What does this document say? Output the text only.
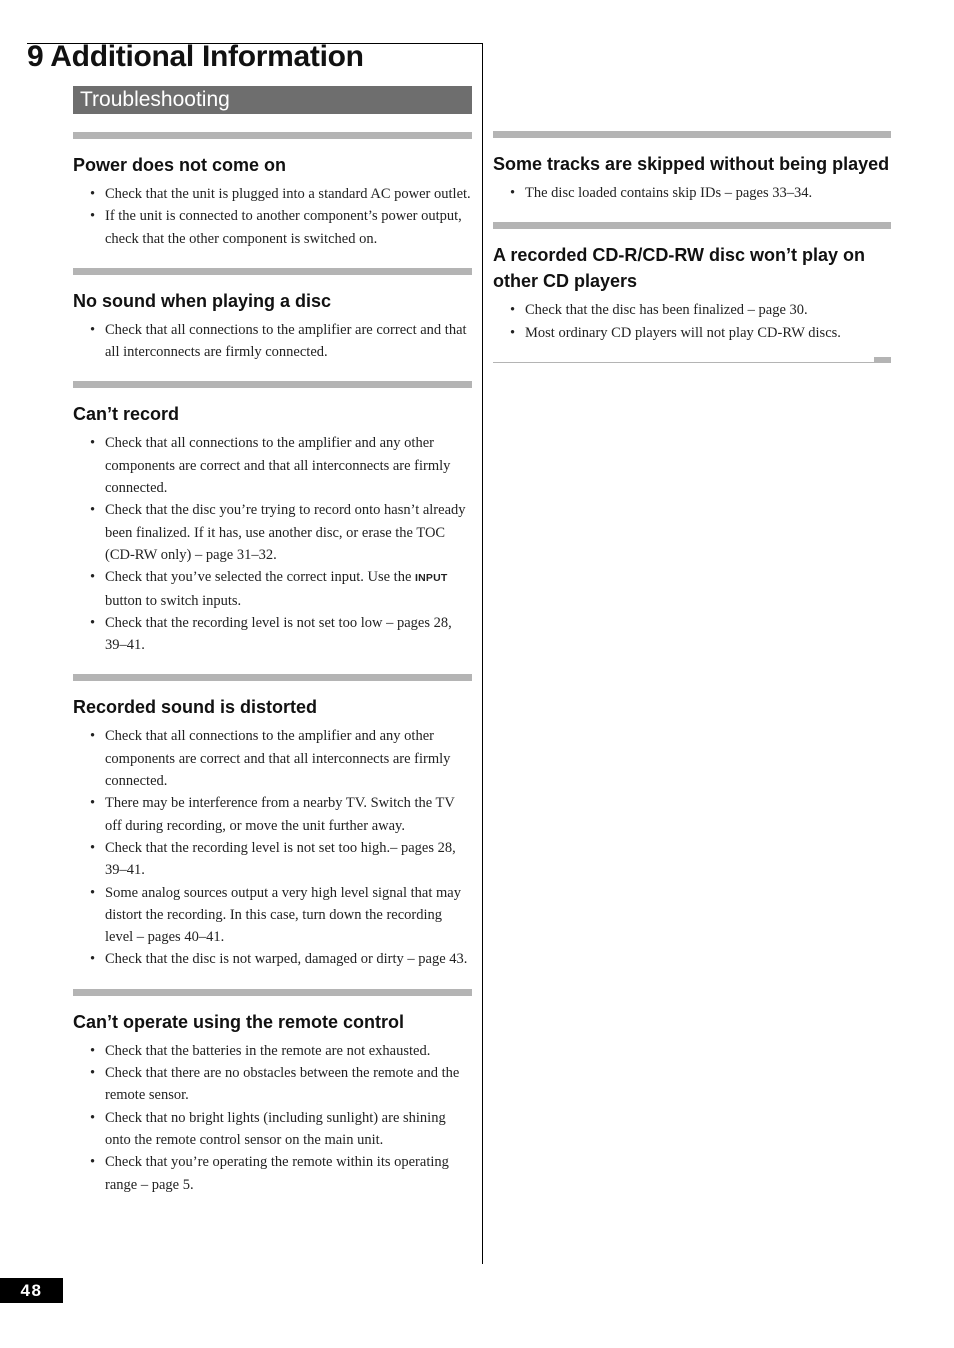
9 Additional Information
Troubleshooting
Power does not come on
• Check that the unit is plugged into a standard AC power outlet.
• If the unit is connected to another component’s power output, check that the other component is switched on.
No sound when playing a disc
• Check that all connections to the amplifier are correct and that all interconnects are firmly connected.
Can’t record
• Check that all connections to the amplifier and any other components are correct and that all interconnects are firmly connected.
• Check that the disc you’re trying to record onto hasn’t already been finalized. If it has, use another disc, or erase the TOC (CD-RW only) – page 31–32.
• Check that you’ve selected the correct input. Use the INPUT button to switch inputs.
• Check that the recording level is not set too low – pages 28, 39–41.
Recorded sound is distorted
• Check that all connections to the amplifier and any other components are correct and that all interconnects are firmly connected.
• There may be interference from a nearby TV. Switch the TV off during recording, or move the unit further away.
• Check that the recording level is not set too high.– pages 28, 39–41.
• Some analog sources output a very high level signal that may distort the recording. In this case, turn down the recording level – pages 40–41.
• Check that the disc is not warped, damaged or dirty – page 43.
Can’t operate using the remote control
• Check that the batteries in the remote are not exhausted.
• Check that there are no obstacles between the remote and the remote sensor.
• Check that no bright lights (including sunlight) are shining onto the remote control sensor on the main unit.
• Check that you’re operating the remote within its operating range – page 5.
Some tracks are skipped without being played
• The disc loaded contains skip IDs – pages 33–34.
A recorded CD-R/CD-RW disc won’t play on other CD players
• Check that the disc has been finalized – page 30.
• Most ordinary CD players will not play CD-RW discs.
48
